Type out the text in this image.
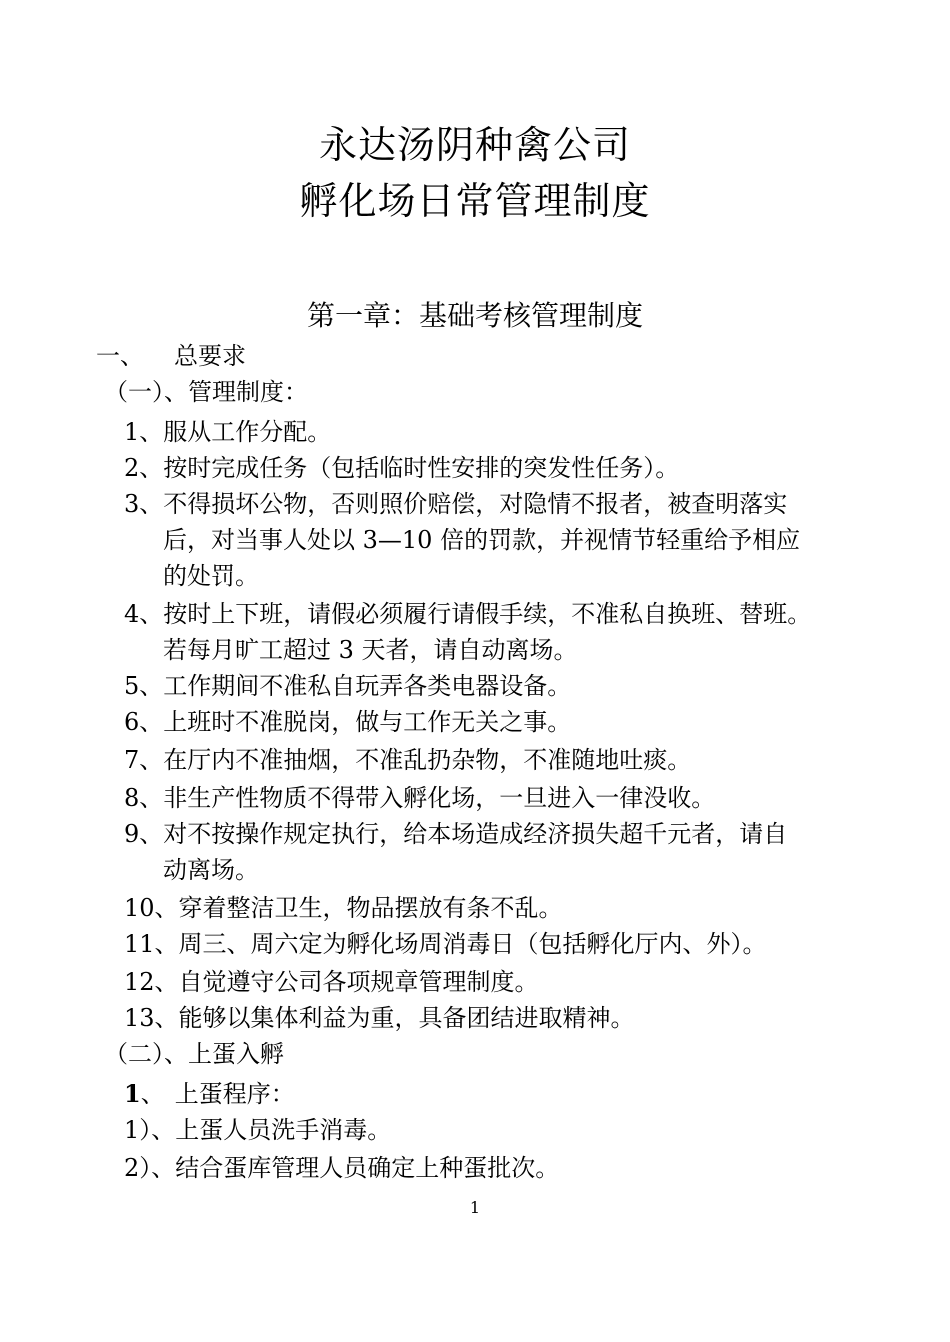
永达汤阴种禽公司
孵化场日常管理制度
第一章：基础考核管理制度
一、 总要求
（一）、管理制度：
1、服从工作分配。
2、按时完成任务（包括临时性安排的突发性任务）。
3、不得损坏公物，否则照价赔偿，对隐情不报者，被查明落实
后，对当事人处以 3—10 倍的罚款，并视情节轻重给予相应
的处罚。
4、按时上下班，请假必须履行请假手续，不准私自换班、替班。
若每月旷工超过 3 天者，请自动离场。
5、工作期间不准私自玩弄各类电器设备。
6、上班时不准脱岗，做与工作无关之事。
7、在厅内不准抽烟，不准乱扔杂物，不准随地吐痰。
8、非生产性物质不得带入孵化场，一旦进入一律没收。
9、对不按操作规定执行，给本场造成经济损失超千元者，请自
动离场。
10、穿着整洁卫生，物品摆放有条不乱。
11、周三、周六定为孵化场周消毒日（包括孵化厅内、外）。
12、自觉遵守公司各项规章管理制度。
13、能够以集体利益为重，具备团结进取精神。
（二）、上蛋入孵
1、 上蛋程序：
1）、上蛋人员洗手消毒。
2）、结合蛋库管理人员确定上种蛋批次。
1
